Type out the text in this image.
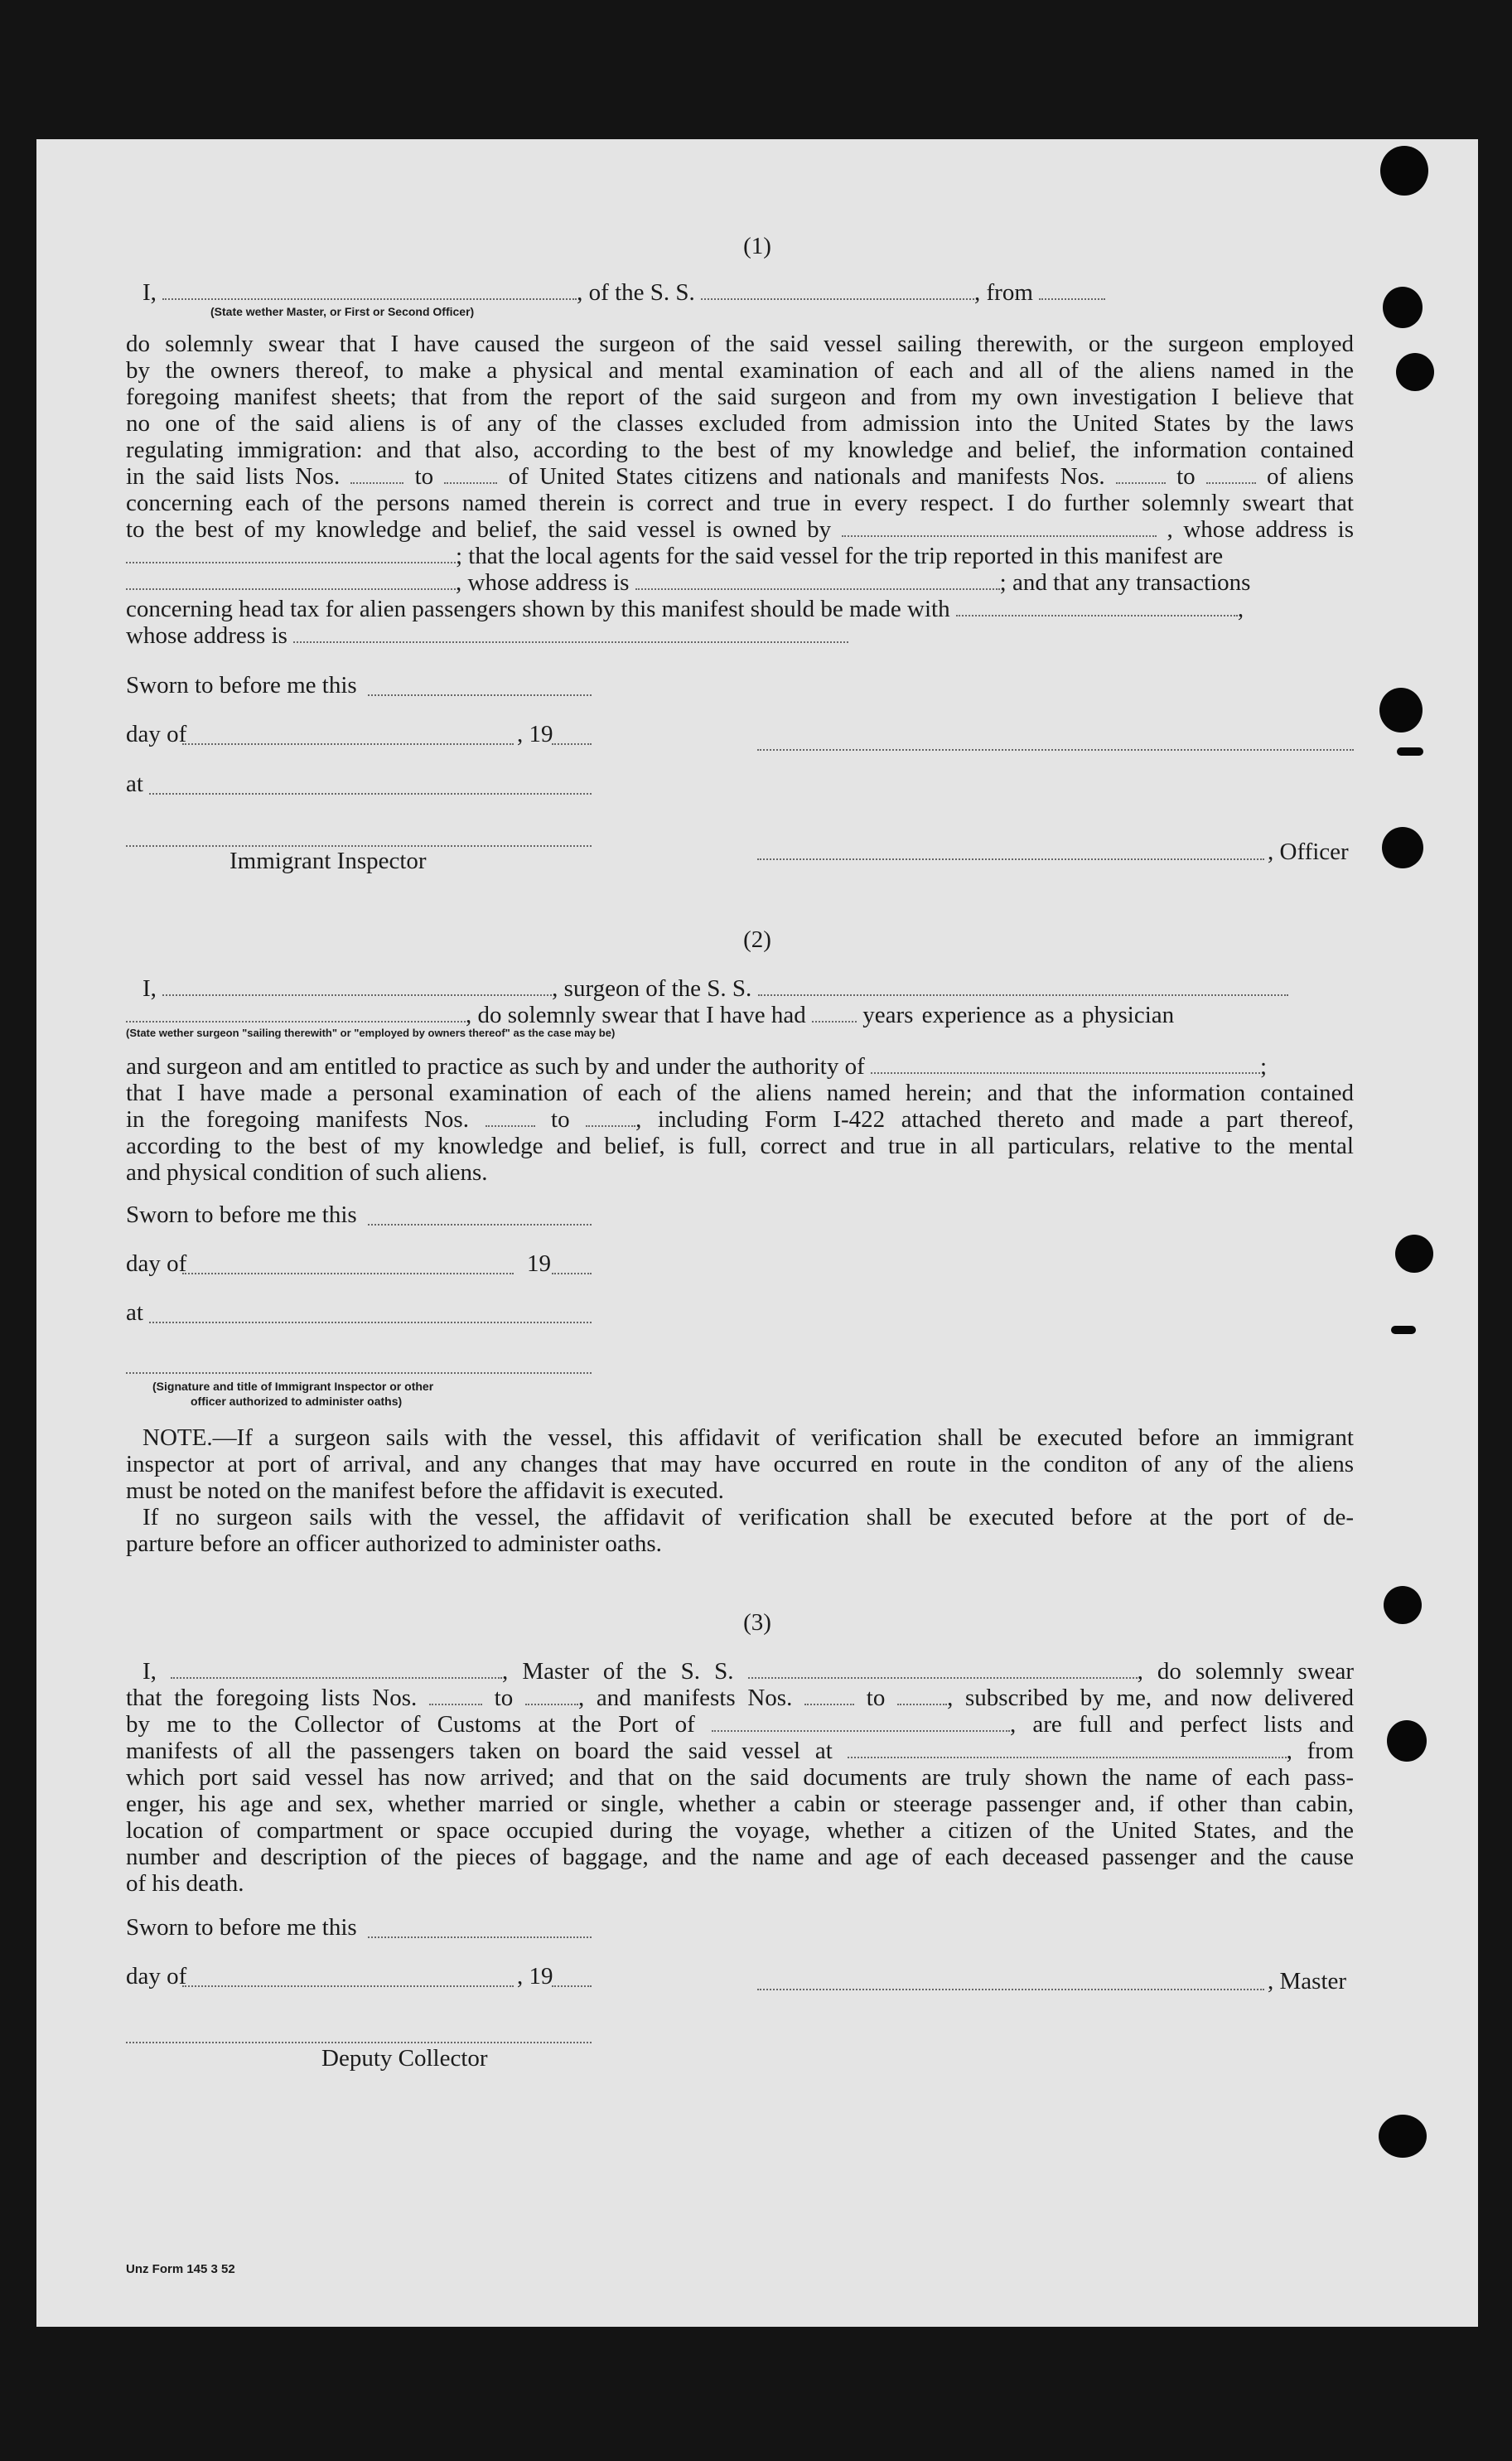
(1)
I,	, of the S. S.	, from
(State wether Master, or First or Second Officer)
do solemnly swear that I have caused the surgeon of the said vessel sailing therewith, or the surgeon employed
by the owners thereof, to make a physical and mental examination of each and all of the aliens named in the
foregoing manifest sheets; that from the report of the said surgeon and from my own investigation I believe that
no one of the said aliens is of any of the classes excluded from admission into the United States by the laws
regulating immigration: and that also, according to the best of my knowledge and belief, the information contained
in the said lists Nos.	to	of United States citizens and nationals and manifests Nos.	to	of aliens
concerning each of the persons named therein is correct and true in every respect. I do further solemnly sweart that
to the best of my knowledge and belief, the said vessel is owned by	, whose address is
; that the local agents for the said vessel for the trip reported in this manifest are
, whose address is	; and that any transactions
concerning head tax for alien passengers shown by this manifest should be made with	,
whose address is
Sworn to before me this
day of	, 19
at
Immigrant Inspector	, Officer
(2)
I,	, surgeon of the S. S.
, do solemnly swear that I have had years experience as a physician
(State wether surgeon "sailing therewith" or "employed by owners thereof" as the case may be)
and surgeon and am entitled to practice as such by and under the authority of	;
that I have made a personal examination of each of the aliens named herein; and that the information contained
in the foregoing manifests Nos.	to	, including Form I-422 attached thereto and made a part thereof,
according to the best of my knowledge and belief, is full, correct and true in all particulars, relative to the mental
and physical condition of such aliens.
Sworn to before me this
day of	19
at
(Signature and title of Immigrant Inspector or other
officer authorized to administer oaths)
NOTE.—If a surgeon sails with the vessel, this affidavit of verification shall be executed before an immigrant
inspector at port of arrival, and any changes that may have occurred en route in the conditon of any of the aliens
must be noted on the manifest before the affidavit is executed.
If no surgeon sails with the vessel, the affidavit of verification shall be executed before at the port of de-
parture before an officer authorized to administer oaths.
(3)
I,	, Master of the S. S.	, do solemnly swear
that the foregoing lists Nos.	to	, and manifests Nos.	to	, subscribed by me, and now delivered
by me to the Collector of Customs at the Port of	, are full and perfect lists and
manifests of all the passengers taken on board the said vessel at	, from
which port said vessel has now arrived; and that on the said documents are truly shown the name of each pass-
enger, his age and sex, whether married or single, whether a cabin or steerage passenger and, if other than cabin,
location of compartment or space occupied during the voyage, whether a citizen of the United States, and the
number and description of the pieces of baggage, and the name and age of each deceased passenger and the cause
of his death.
Sworn to before me this
day of	, 19	, Master
Deputy Collector
Unz Form 145 3 52
